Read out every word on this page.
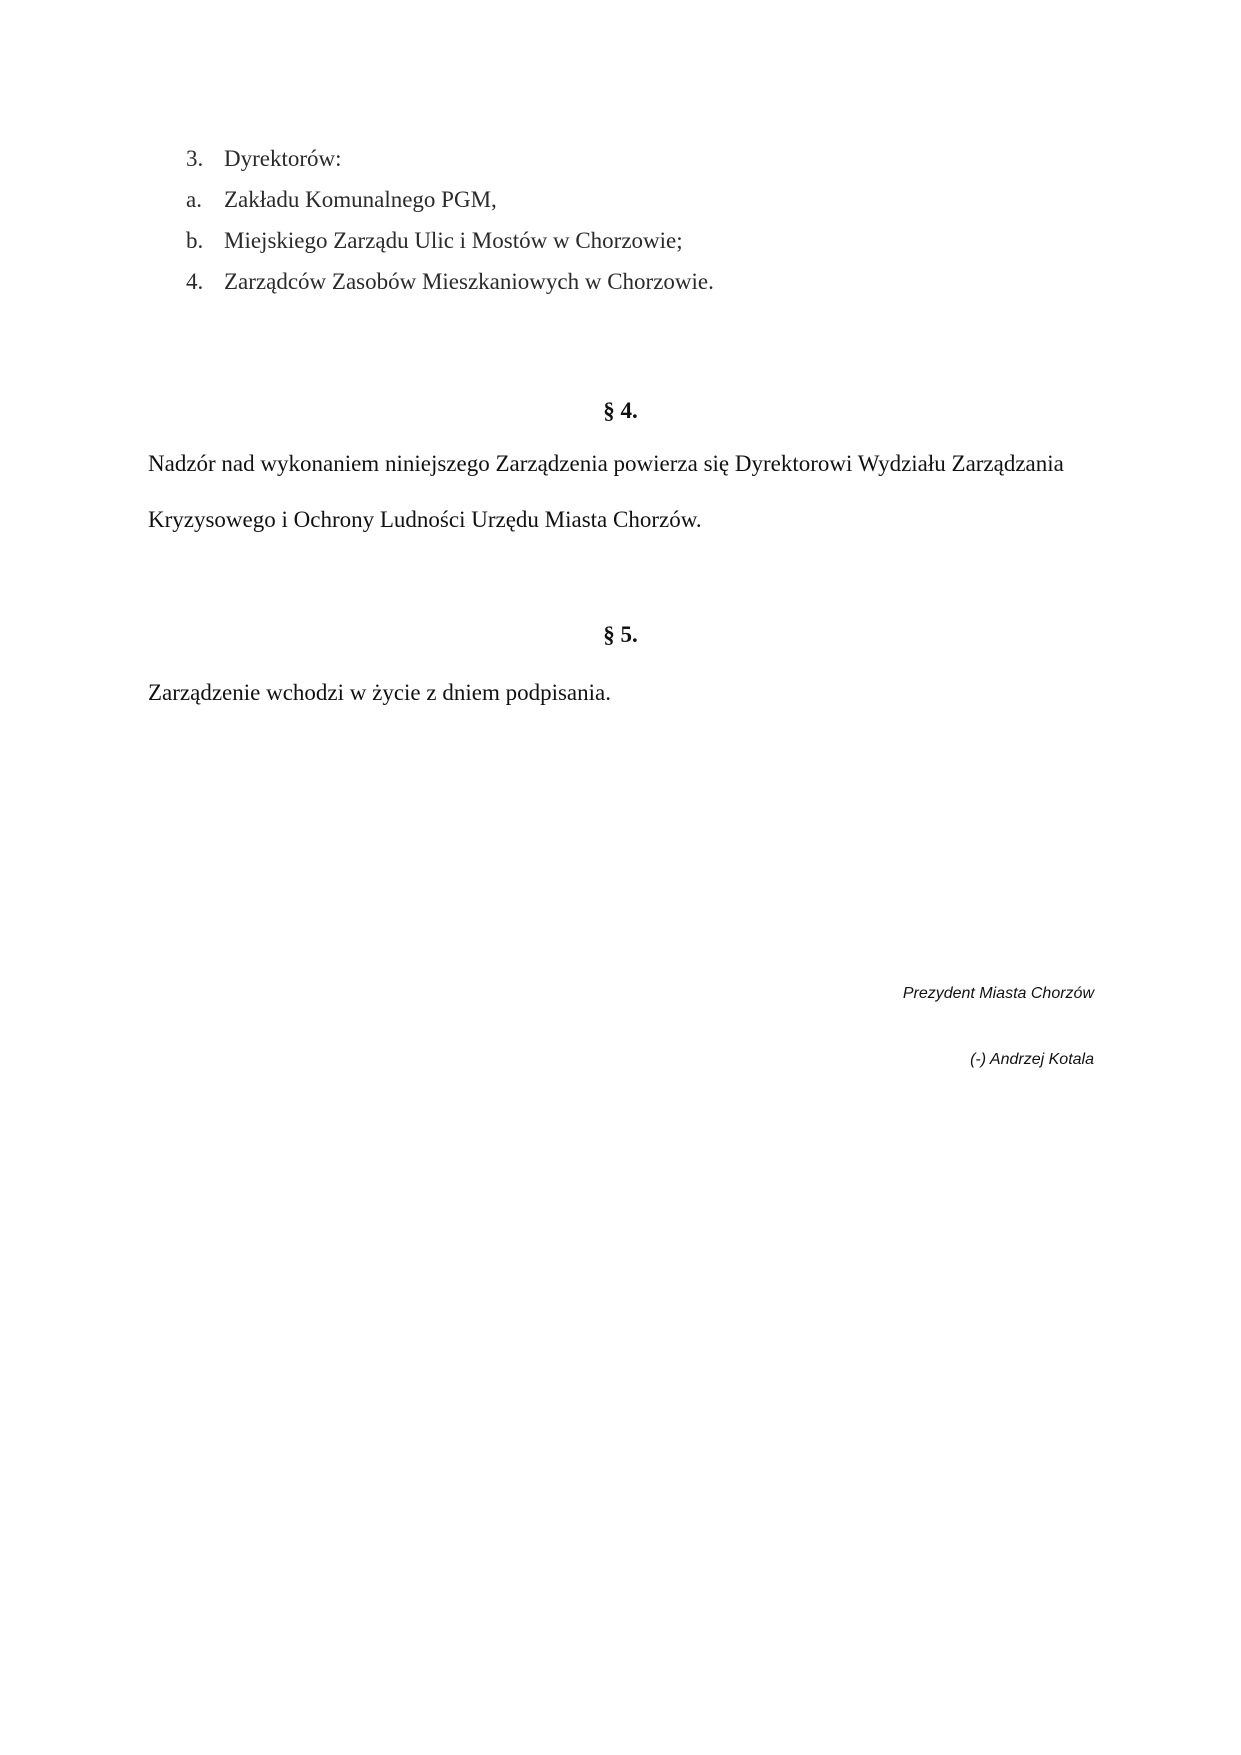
3. Dyrektorów:
a. Zakładu Komunalnego PGM,
b. Miejskiego Zarządu Ulic i Mostów w Chorzowie;
4. Zarządców Zasobów Mieszkaniowych w Chorzowie.
§ 4.

Nadzór nad wykonaniem niniejszego Zarządzenia powierza się Dyrektorowi Wydziału Zarządzania Kryzysowego i Ochrony Ludności Urzędu Miasta Chorzów.

§ 5.

Zarządzenie wchodzi w życie z dniem podpisania.

Prezydent Miasta Chorzów
(-) Andrzej Kotala
